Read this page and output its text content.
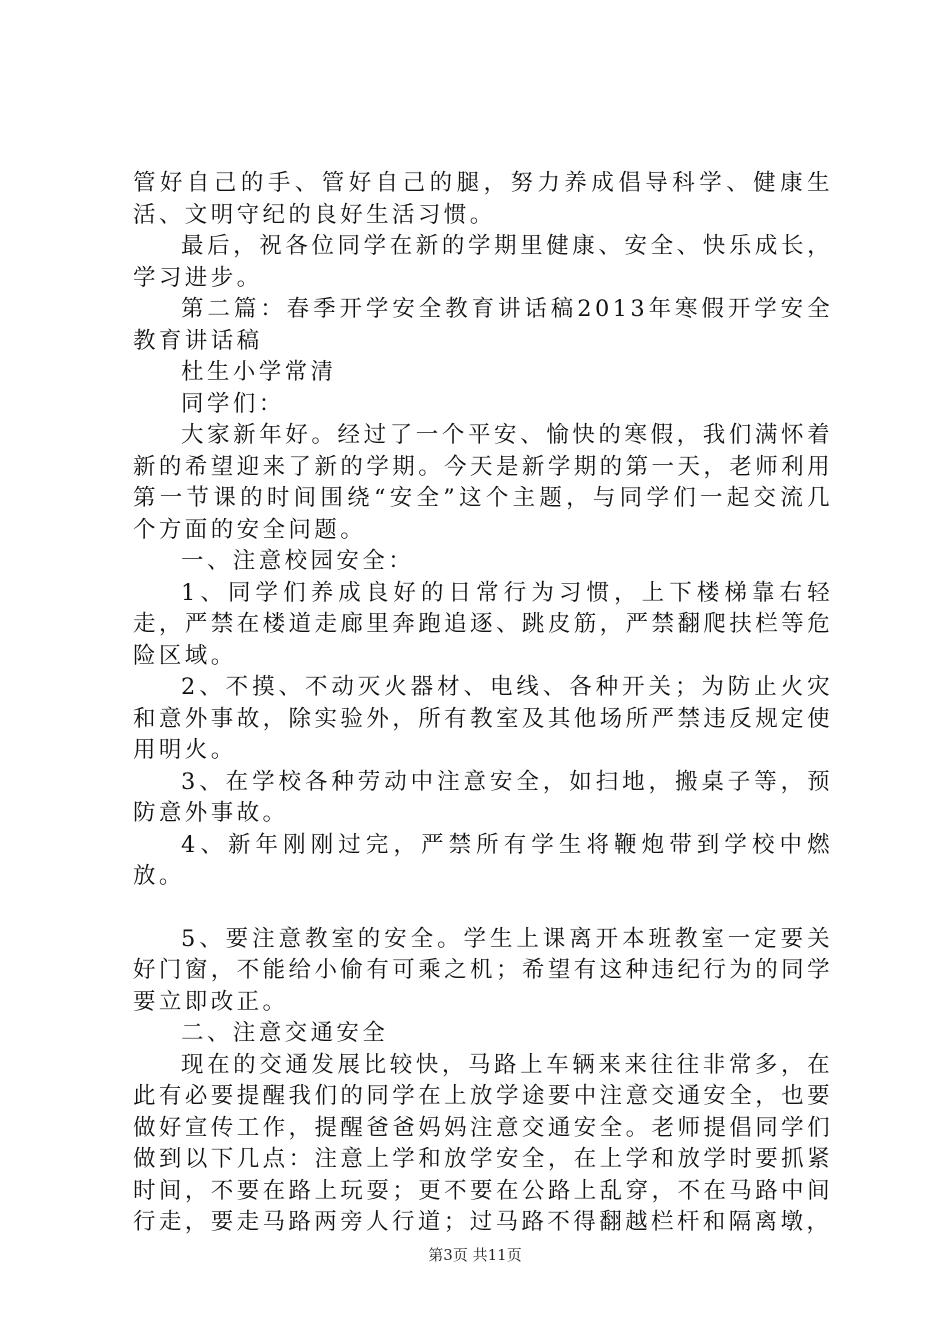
管好自己的手、管好自己的腿，努力养成倡导科学、健康生活、文明守纪的良好生活习惯。

最后，祝各位同学在新的学期里健康、安全、快乐成长，学习进步。

第二篇：春季开学安全教育讲话稿2013年寒假开学安全教育讲话稿

杜生小学常清

同学们：

大家新年好。经过了一个平安、愉快的寒假，我们满怀着新的希望迎来了新的学期。今天是新学期的第一天，老师利用第一节课的时间围绕“安全”这个主题，与同学们一起交流几个方面的安全问题。

一、注意校园安全：

1、同学们养成良好的日常行为习惯，上下楼梯靠右轻走，严禁在楼道走廊里奔跑追逐、跳皮筋，严禁翻爬扶栏等危险区域。

2、不摸、不动灭火器材、电线、各种开关；为防止火灾和意外事故，除实验外，所有教室及其他场所严禁违反规定使用明火。

3、在学校各种劳动中注意安全，如扫地，搬桌子等，预防意外事故。

4、新年刚刚过完，严禁所有学生将鞭炮带到学校中燃放。

5、要注意教室的安全。学生上课离开本班教室一定要关好门窗，不能给小偷有可乘之机；希望有这种违纪行为的同学要立即改正。

二、注意交通安全

现在的交通发展比较快，马路上车辆来来往往非常多，在此有必要提醒我们的同学在上放学途要中注意交通安全，也要做好宣传工作，提醒爸爸妈妈注意交通安全。老师提倡同学们做到以下几点：注意上学和放学安全，在上学和放学时要抓紧时间，不要在路上玩耍；更不要在公路上乱穿，不在马路中间行走，要走马路两旁人行道；过马路不得翻越栏杆和隔离墩，

第3页 共11页
